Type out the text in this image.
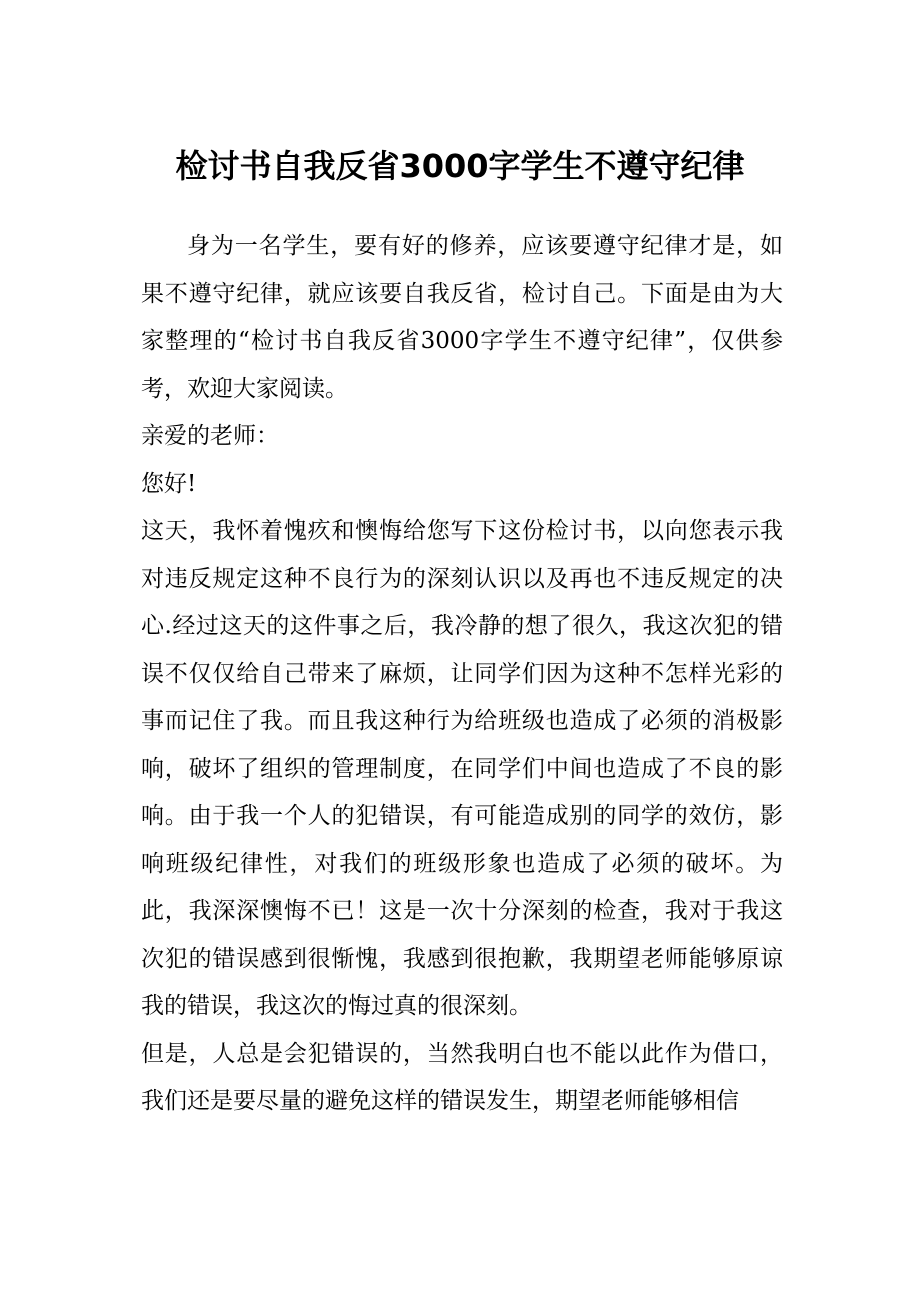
检讨书自我反省3000字学生不遵守纪律

身为一名学生，要有好的修养，应该要遵守纪律才是，如果不遵守纪律，就应该要自我反省，检讨自己。下面是由为大家整理的“检讨书自我反省3000字学生不遵守纪律”，仅供参考，欢迎大家阅读。

亲爱的老师：

您好!

这天，我怀着愧疚和懊悔给您写下这份检讨书，以向您表示我对违反规定这种不良行为的深刻认识以及再也不违反规定的决心.经过这天的这件事之后，我冷静的想了很久，我这次犯的错误不仅仅给自己带来了麻烦，让同学们因为这种不怎样光彩的事而记住了我。而且我这种行为给班级也造成了必须的消极影响，破坏了组织的管理制度，在同学们中间也造成了不良的影响。由于我一个人的犯错误，有可能造成别的同学的效仿，影响班级纪律性，对我们的班级形象也造成了必须的破坏。为此，我深深懊悔不已！这是一次十分深刻的检查，我对于我这次犯的错误感到很惭愧，我感到很抱歉，我期望老师能够原谅我的错误，我这次的悔过真的很深刻。

但是，人总是会犯错误的，当然我明白也不能以此作为借口，我们还是要尽量的避免这样的错误发生，期望老师能够相信
